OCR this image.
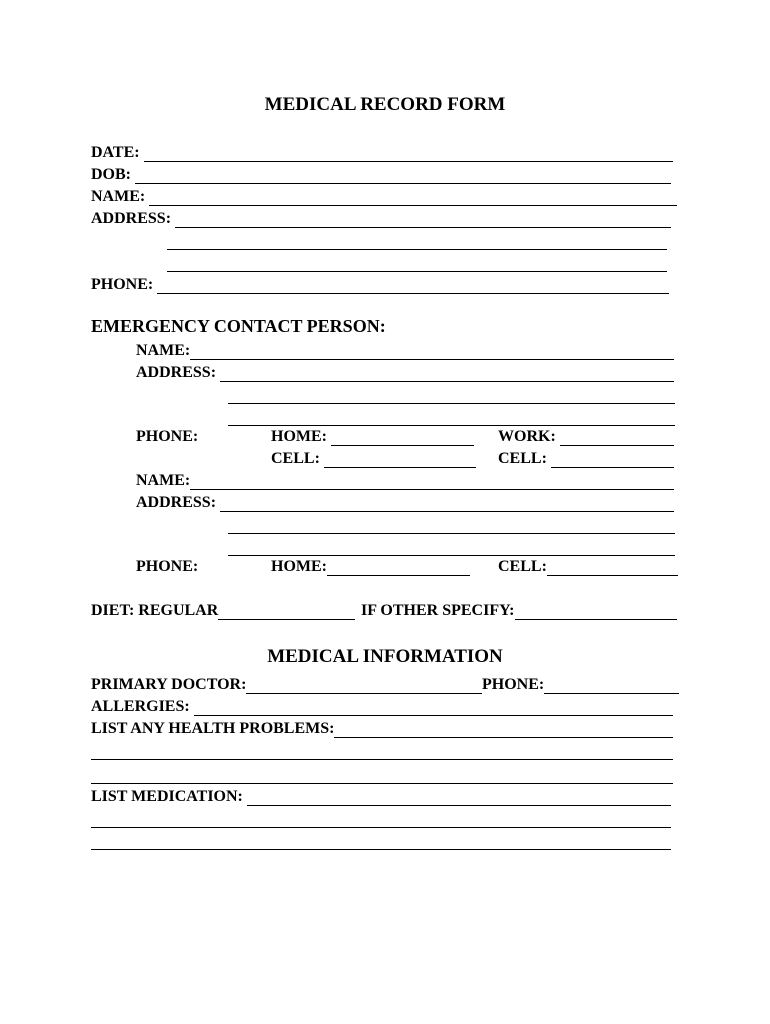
MEDICAL RECORD FORM
DATE:
DOB:
NAME:
ADDRESS:
PHONE:
EMERGENCY CONTACT PERSON:
NAME:
ADDRESS:
PHONE:	HOME:	WORK:
CELL:	CELL:
NAME:
ADDRESS:
PHONE:	HOME:	CELL:
DIET: REGULAR	IF OTHER SPECIFY:
MEDICAL INFORMATION
PRIMARY DOCTOR:	PHONE:
ALLERGIES:
LIST ANY HEALTH PROBLEMS:
LIST MEDICATION:
